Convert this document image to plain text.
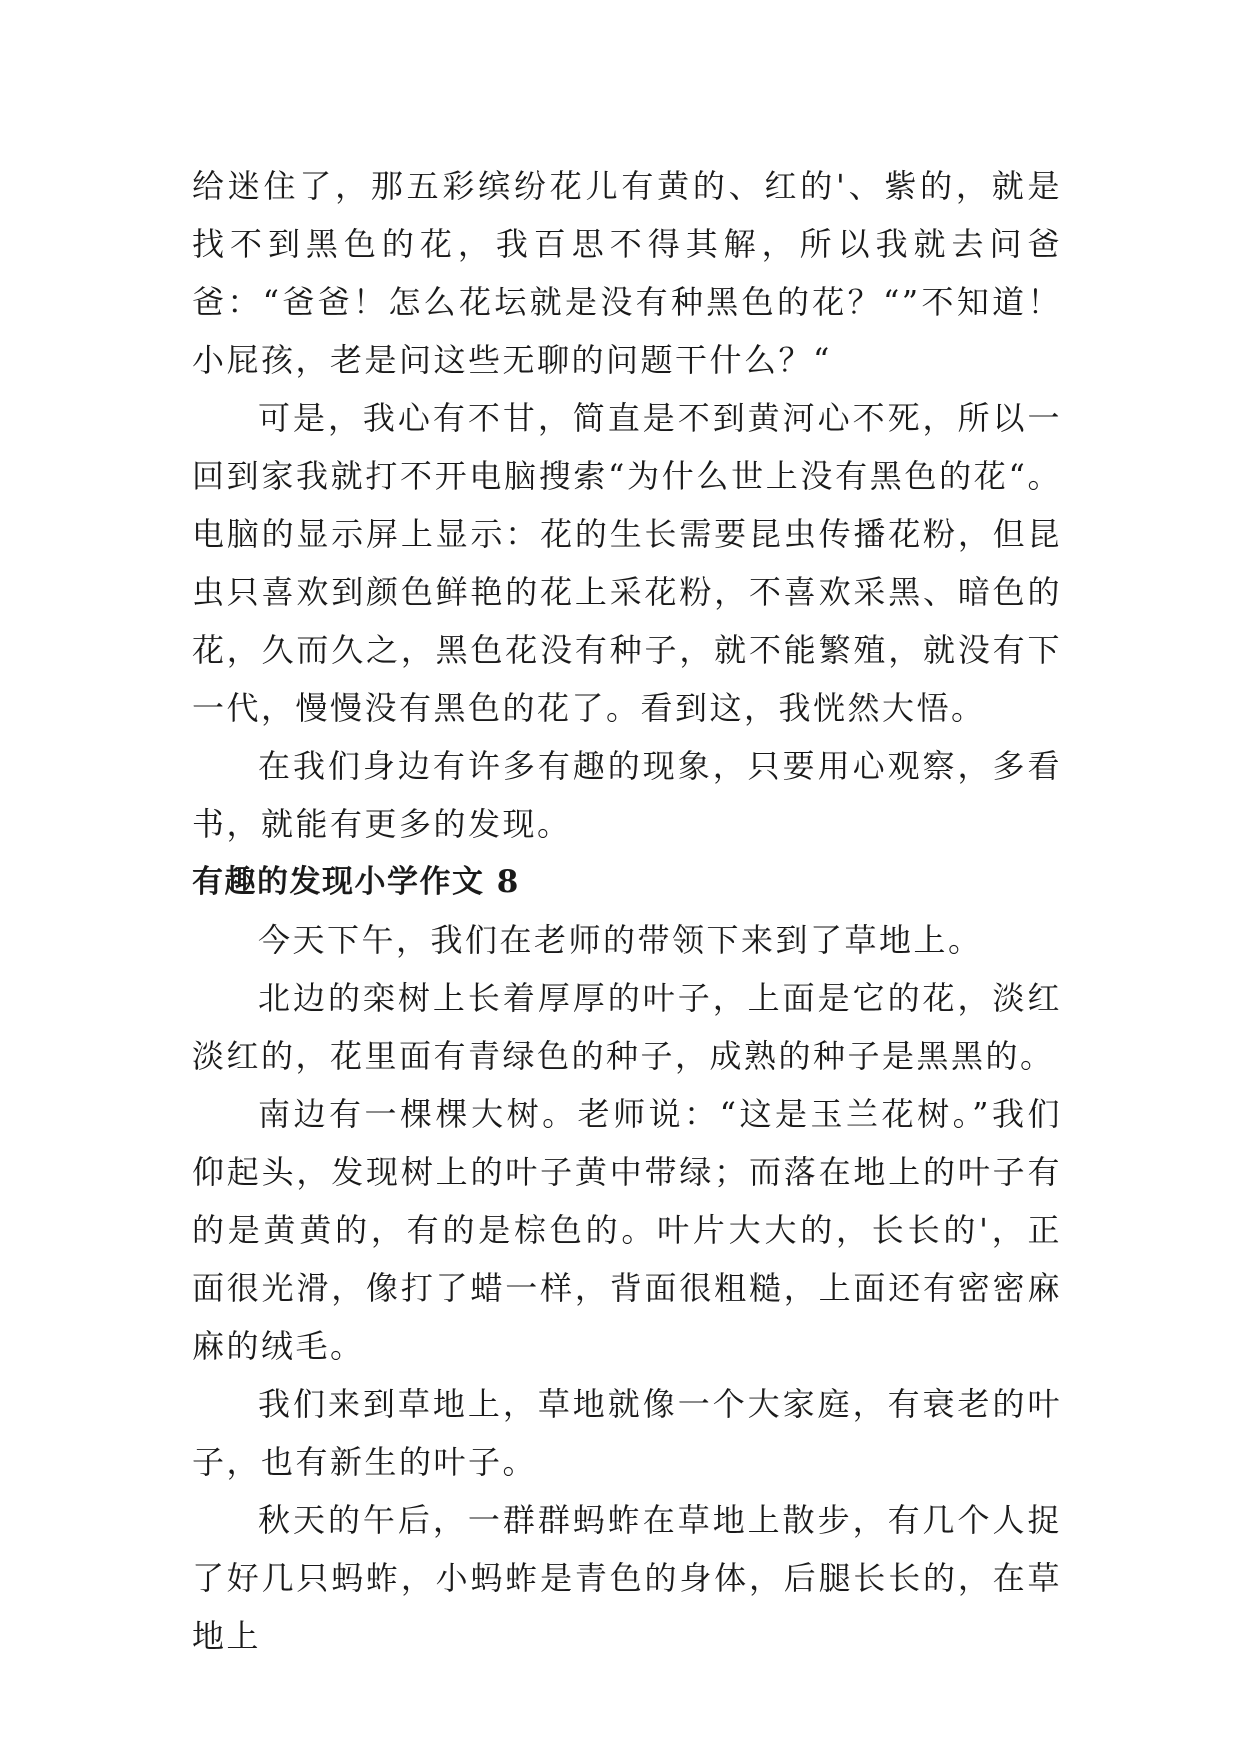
给迷住了，那五彩缤纷花儿有黄的、红的'、紫的，就是找不到黑色的花，我百思不得其解，所以我就去问爸爸：“爸爸！怎么花坛就是没有种黑色的花？“”不知道！小屁孩，老是问这些无聊的问题干什么？“

可是，我心有不甘，简直是不到黄河心不死，所以一回到家我就打不开电脑搜索“为什么世上没有黑色的花“。电脑的显示屏上显示：花的生长需要昆虫传播花粉，但昆虫只喜欢到颜色鲜艳的花上采花粉，不喜欢采黑、暗色的花，久而久之，黑色花没有种子，就不能繁殖，就没有下一代，慢慢没有黑色的花了。看到这，我恍然大悟。

在我们身边有许多有趣的现象，只要用心观察，多看书，就能有更多的发现。

有趣的发现小学作文 8

今天下午，我们在老师的带领下来到了草地上。

北边的栾树上长着厚厚的叶子，上面是它的花，淡红淡红的，花里面有青绿色的种子，成熟的种子是黑黑的。

南边有一棵棵大树。老师说：“这是玉兰花树。”我们仰起头，发现树上的叶子黄中带绿；而落在地上的叶子有的是黄黄的，有的是棕色的。叶片大大的，长长的'，正面很光滑，像打了蜡一样，背面很粗糙，上面还有密密麻麻的绒毛。

我们来到草地上，草地就像一个大家庭，有衰老的叶子，也有新生的叶子。

秋天的午后，一群群蚂蚱在草地上散步，有几个人捉了好几只蚂蚱，小蚂蚱是青色的身体，后腿长长的，在草地上
